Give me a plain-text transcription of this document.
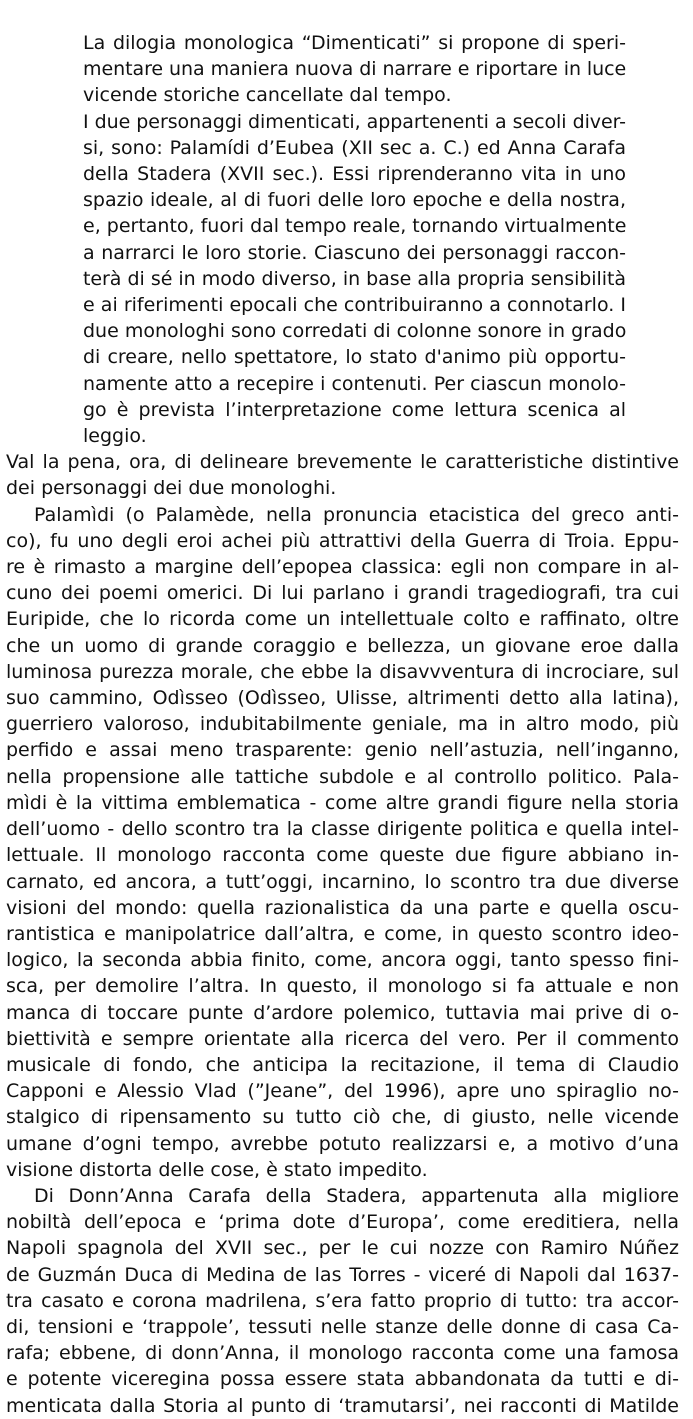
La dilogia monologica “Dimenticati” si propone di speri-
mentare una maniera nuova di narrare e riportare in luce
vicende storiche cancellate dal tempo.
I due personaggi dimenticati, appartenenti a secoli diver-
si, sono: Palamídi d’Eubea (XII sec a. C.) ed Anna Carafa
della Stadera (XVII sec.). Essi riprenderanno vita in uno
spazio ideale, al di fuori delle loro epoche e della nostra,
e, pertanto, fuori dal tempo reale, tornando virtualmente
a narrarci le loro storie. Ciascuno dei personaggi raccon-
terà di sé in modo diverso, in base alla propria sensibilità
e ai riferimenti epocali che contribuiranno a connotarlo. I
due monologhi sono corredati di colonne sonore in grado
di creare, nello spettatore, lo stato d'animo più opportu-
namente atto a recepire i contenuti. Per ciascun monolo-
go è prevista l’interpretazione come lettura scenica al
leggio.
Val la pena, ora, di delineare brevemente le caratteristiche distintive
dei personaggi dei due monologhi.
Palamìdi (o Palamède, nella pronuncia etacistica del greco anti-
co), fu uno degli eroi achei più attrattivi della Guerra di Troia. Eppu-
re è rimasto a margine dell’epopea classica: egli non compare in al-
cuno dei poemi omerici. Di lui parlano i grandi tragediografi, tra cui
Euripide, che lo ricorda come un intellettuale colto e raffinato, oltre
che un uomo di grande coraggio e bellezza, un giovane eroe dalla
luminosa purezza morale, che ebbe la disavvventura di incrociare, sul
suo cammino, Odìsseo (Odìsseo, Ulisse, altrimenti detto alla latina),
guerriero valoroso, indubitabilmente geniale, ma in altro modo, più
perfido e assai meno trasparente: genio nell’astuzia, nell’inganno,
nella propensione alle tattiche subdole e al controllo politico. Pala-
mìdi è la vittima emblematica - come altre grandi figure nella storia
dell’uomo - dello scontro tra la classe dirigente politica e quella intel-
lettuale. Il monologo racconta come queste due figure abbiano in-
carnato, ed ancora, a tutt’oggi, incarnino, lo scontro tra due diverse
visioni del mondo: quella razionalistica da una parte e quella oscu-
rantistica e manipolatrice dall’altra, e come, in questo scontro ideo-
logico, la seconda abbia finito, come, ancora oggi, tanto spesso fini-
sca, per demolire l’altra. In questo, il monologo si fa attuale e non
manca di toccare punte d’ardore polemico, tuttavia mai prive di o-
biettività e sempre orientate alla ricerca del vero. Per il commento
musicale di fondo, che anticipa la recitazione, il tema di Claudio
Capponi e Alessio Vlad (”Jeane”, del 1996), apre uno spiraglio no-
stalgico di ripensamento su tutto ciò che, di giusto, nelle vicende
umane d’ogni tempo, avrebbe potuto realizzarsi e, a motivo d’una
visione distorta delle cose, è stato impedito.
Di Donn’Anna Carafa della Stadera, appartenuta alla migliore
nobiltà dell’epoca e ‘prima dote d’Europa’, come ereditiera, nella
Napoli spagnola del XVII sec., per le cui nozze con Ramiro Núñez
de Guzmán Duca di Medina de las Torres - viceré di Napoli dal 1637-
tra casato e corona madrilena, s’era fatto proprio di tutto: tra accor-
di, tensioni e ‘trappole’, tessuti nelle stanze delle donne di casa Ca-
rafa; ebbene, di donn’Anna, il monologo racconta come una famosa
e potente viceregina possa essere stata abbandonata da tutti e di-
menticata dalla Storia al punto di ‘tramutarsi’, nei racconti di Matilde
